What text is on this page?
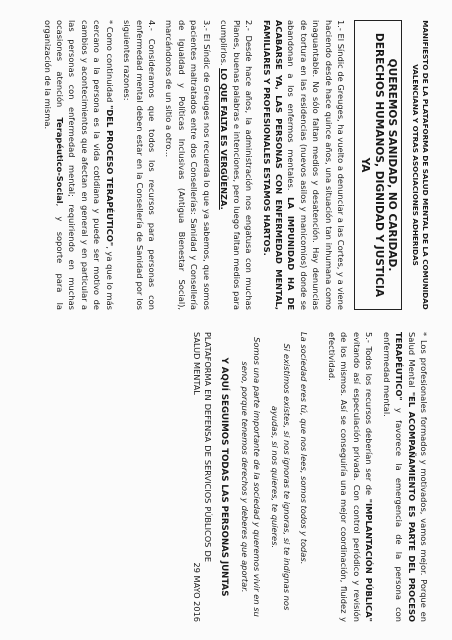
MANIFIESTO DE LA PLATAFORMA DE SALUD MENTAL DE LA COMUNIDAD VALENCIANA Y OTRAS ASOCIACIONES ADHERIDAS
QUEREMOS SANIDAD, NO CARIDAD. DERECHOS HUMANOS, DIGNIDAD Y JUSTICIA YA

1.- El Síndic de Greuges, ha vuelto a denunciar a las Cortes, y a viene haciendo desde hace quince años, una situación tan inhumana como inaguantable. No sólo faltan medios y desatención. Hay denuncias de tortura en las residencias (nuevos asilos y manicomios) donde se abandonan a los enfermos mentales. LA IMPUNIDAD HA DE ACABARSE YA, LAS PERSONAS CON ENFERMEDAD MENTAL, FAMILIARES Y PROFESIONALES ESTAMOS HARTOS.

2.- Desde hace años, la administración nos engatusa con muchas Planes, buenas palabras e intenciones, pero luego faltan medios para cumplirlos. LO QUE FALTA ES VERGÜENZA.

3.- El Síndic de Greuges nos recuerda lo que ya sabemos, que somos pacientes maltratados entre dos Consellerías: Sanidad y Consellería de Igualdad y Políticas Inclusivas (Antigua Bienestar Social), marcándonos de un sitio a otro...

4.- Consideramos que todos los recursos para personas con enfermedad mental deben estar en la Consellería de Sanidad por los siguientes razones:

* Como continuidad "DEL PROCESO TERAPÉUTICO", ya que lo más cercano a la persona es la vida cotidiana y puede ser motivo de cambios y acontecimientos que afectan en general y en particular a las personas con enfermedad mental; requiriendo en muchas ocasiones atención Terapéutico-Social, y soporte para la organización de la misma.

* Los profesionales formados y motivados, vamos mejor. Porque en Salud Mental "EL ACOMPAÑAMIENTO ES PARTE DEL PROCESO TERAPÉUTICO" y favorece la emergencia de la persona con enfermedad mental.

5.- Todos los recursos deberían ser de "IMPLANTACIÓN PÚBLICA" evitando así especulación privada. Con control periódico y revisión de los mismos. Así se conseguiría una mejor coordinación, fluidez y efectividad.

La sociedad eres tú, que nos lees, somos todos y todas.

Si existimos existes, si nos ignoras te ignoras, si te indignas nos ayudas, si nos quieres, te quieres.

Somos una parte importante de la sociedad y queremos vivir en su seno, porque tenemos derechos y deberes que aportar.

Y AQUÍ SEGUIMOS TODAS LAS PERSONAS JUNTAS
PLATAFORMA EN DEFENSA DE SERVICIOS PÚBLICOS DE SALUD MENTAL
29 MAYO 2016
